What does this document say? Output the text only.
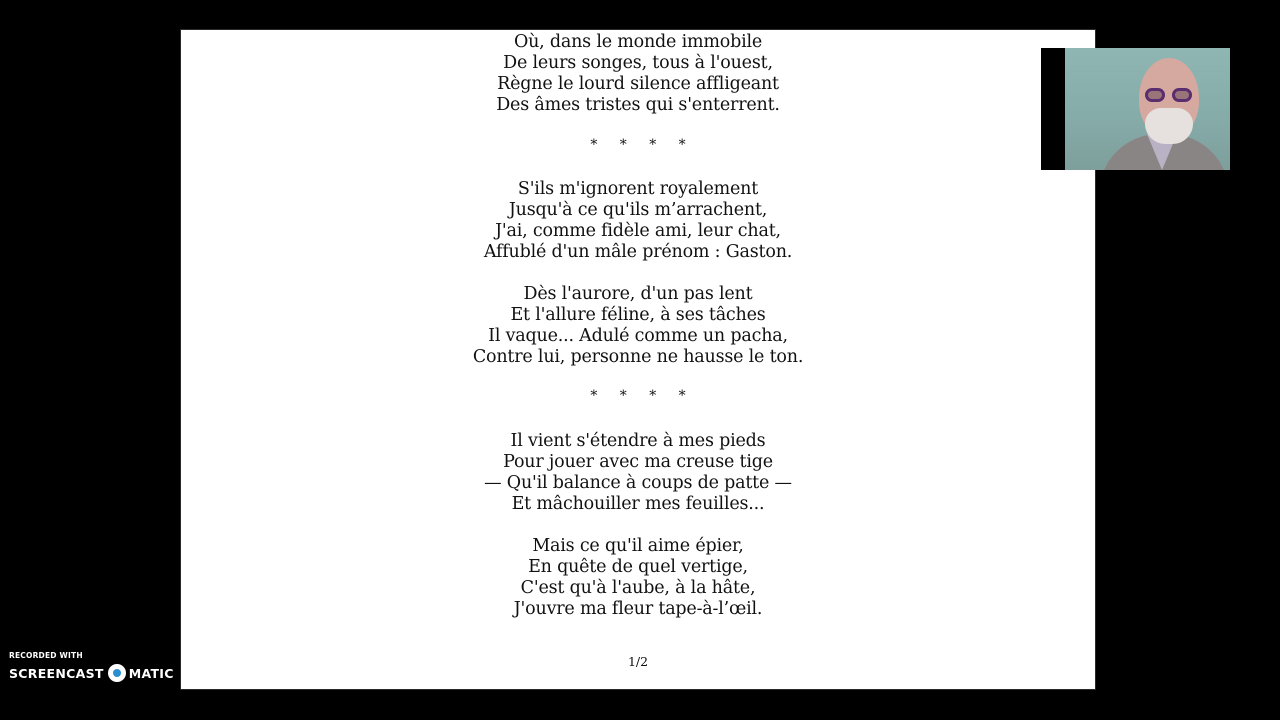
Où, dans le monde immobile
De leurs songes, tous à l'ouest,
Règne le lourd silence affligeant
Des âmes tristes qui s'enterrent.
* * * *
S'ils m'ignorent royalement
Jusqu'à ce qu'ils m’arrachent,
J'ai, comme fidèle ami, leur chat,
Affublé d'un mâle prénom : Gaston.
Dès l'aurore, d'un pas lent
Et l'allure féline, à ses tâches
Il vaque... Adulé comme un pacha,
Contre lui, personne ne hausse le ton.
* * * *
Il vient s'étendre à mes pieds
Pour jouer avec ma creuse tige
— Qu'il balance à coups de patte —
Et mâchouiller mes feuilles...
Mais ce qu'il aime épier,
En quête de quel vertige,
C'est qu'à l'aube, à la hâte,
J'ouvre ma fleur tape-à-l’œil.
1/2
RECORDED WITH
SCREENCAST MATIC
